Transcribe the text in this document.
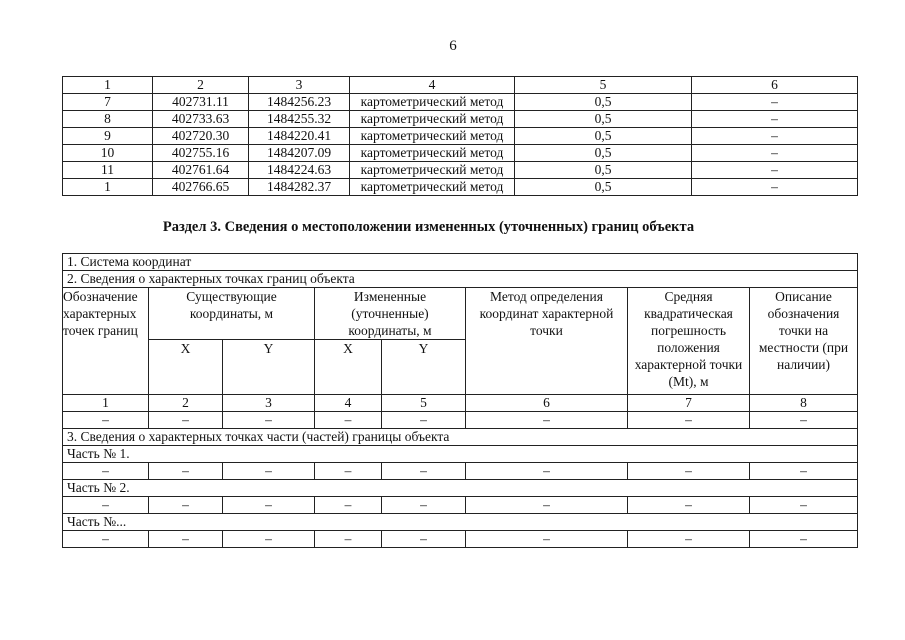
6
1	2	3	4	5	6
7	402731.11	1484256.23	картометрический метод	0,5	–
8	402733.63	1484255.32	картометрический метод	0,5	–
9	402720.30	1484220.41	картометрический метод	0,5	–
10	402755.16	1484207.09	картометрический метод	0,5	–
11	402761.64	1484224.63	картометрический метод	0,5	–
1	402766.65	1484282.37	картометрический метод	0,5	–
Раздел 3. Сведения о местоположении измененных (уточненных) границ объекта
1. Система координат							
2. Сведения о характерных точках границ объекта							
Обозначение характерных точек границ	Существующие координаты, м		Измененные (уточненные) координаты, м		Метод определения координат характерной точки	Средняя квадратическая погрешность положения характерной точки (Mt), м	Описание обозначения точки на местности (при наличии)
	X	Y	X	Y			
1	2	3	4	5	6	7	8
–	–	–	–	–	–	–	–
3. Сведения о характерных точках части (частей) границы объекта							
Часть № 1.							
–	–	–	–	–	–	–	–
Часть № 2.							
–	–	–	–	–	–	–	–
Часть №...							
–	–	–	–	–	–	–	–
